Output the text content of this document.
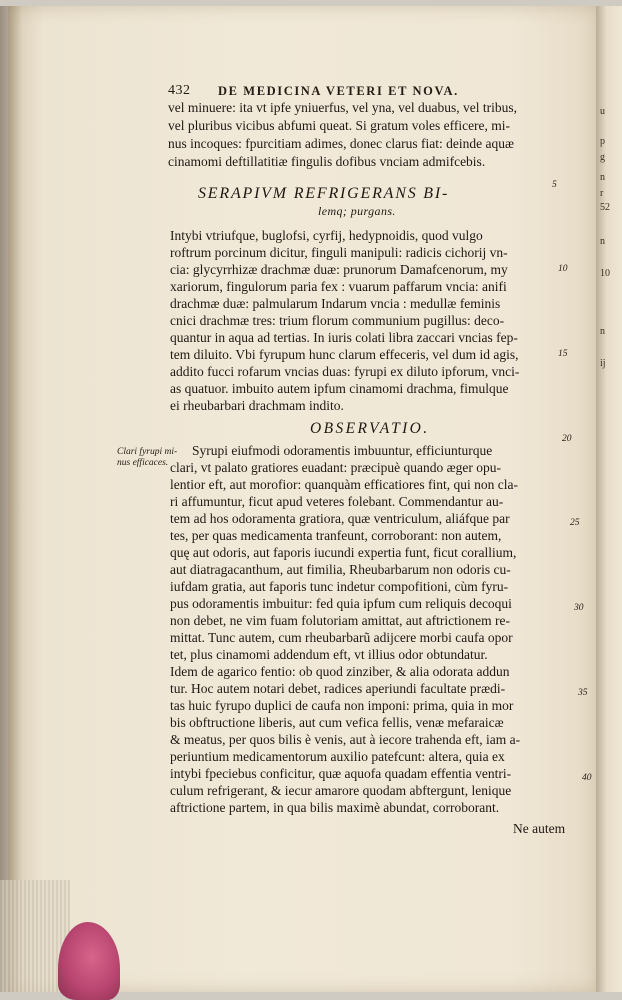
u
p
g
n
r
52
n
10
n
ij
432 DE MEDICINA VETERI ET NOVA.
vel minuere: ita vt ipfe yniuerfus, vel yna, vel duabus, vel tribus,
vel pluribus vicibus abfumi queat. Si gratum voles efficere, mi-
nus incoques: fpurcitiam adimes, donec clarus fiat: deinde aquæ
cinamomi deftillatitiæ fingulis dofibus vnciam admifcebis.
SERAPIVM REFRIGERANS BI-
lemq; purgans.
Intybi vtriufque, buglofsi, cyrfij, hedypnoidis, quod vulgo
roftrum porcinum dicitur, finguli manipuli: radicis cichorij vn-
cia: glycyrrhizæ drachmæ duæ: prunorum Damafcenorum, my
xariorum, fingulorum paria fex : vuarum paffarum vncia: anifi
drachmæ duæ: palmularum Indarum vncia : medullæ feminis
cnici drachmæ tres: trium florum communium pugillus: deco-
quantur in aqua ad tertias. In iuris colati libra zaccari vncias fep-
tem diluito. Vbi fyrupum hunc clarum effeceris, vel dum id agis,
addito fucci rofarum vncias duas: fyrupi ex diluto ipforum, vnci-
as quatuor. imbuito autem ipfum cinamomi drachma, fimulque
ei rheubarbari drachmam indito.
OBSERVATIO.
Clari fyrupi mi-
nus efficaces.
Syrupi eiufmodi odoramentis imbuuntur, efficiunturque
clari, vt palato gratiores euadant: præcipuè quando æger opu-
lentior eft, aut morofior: quanquàm efficatiores fint, qui non cla-
ri affumuntur, ficut apud veteres folebant. Commendantur au-
tem ad hos odoramenta gratiora, quæ ventriculum, aliáfque par
tes, per quas medicamenta tranfeunt, corroborant: non autem,
quę aut odoris, aut faporis iucundi expertia funt, ficut corallium,
aut diatragacanthum, aut fimilia, Rheubarbarum non odoris cu-
iufdam gratia, aut faporis tunc indetur compofitioni, cùm fyru-
pus odoramentis imbuitur: fed quia ipfum cum reliquis decoqui
non debet, ne vim fuam folutoriam amittat, aut aftrictionem re-
mittat. Tunc autem, cum rheubarbarũ adijcere morbi caufa opor
tet, plus cinamomi addendum eft, vt illius odor obtundatur.
Idem de agarico fentio: ob quod zinziber, & alia odorata addun
tur. Hoc autem notari debet, radices aperiundi facultate prædi-
tas huic fyrupo duplici de caufa non imponi: prima, quia in mor
bis obftructione liberis, aut cum vefica fellis, venæ mefaraicæ
& meatus, per quos bilis è venis, aut à iecore trahenda eft, iam a-
periuntium medicamentorum auxilio patefcunt: altera, quia ex
intybi fpeciebus conficitur, quæ aquofa quadam effentia ventri-
culum refrigerant, & iecur amarore quodam abftergunt, lenique
aftrictione partem, in qua bilis maximè abundat, corroborant.
Ne autem
5
10
15
20
25
30
35
40
